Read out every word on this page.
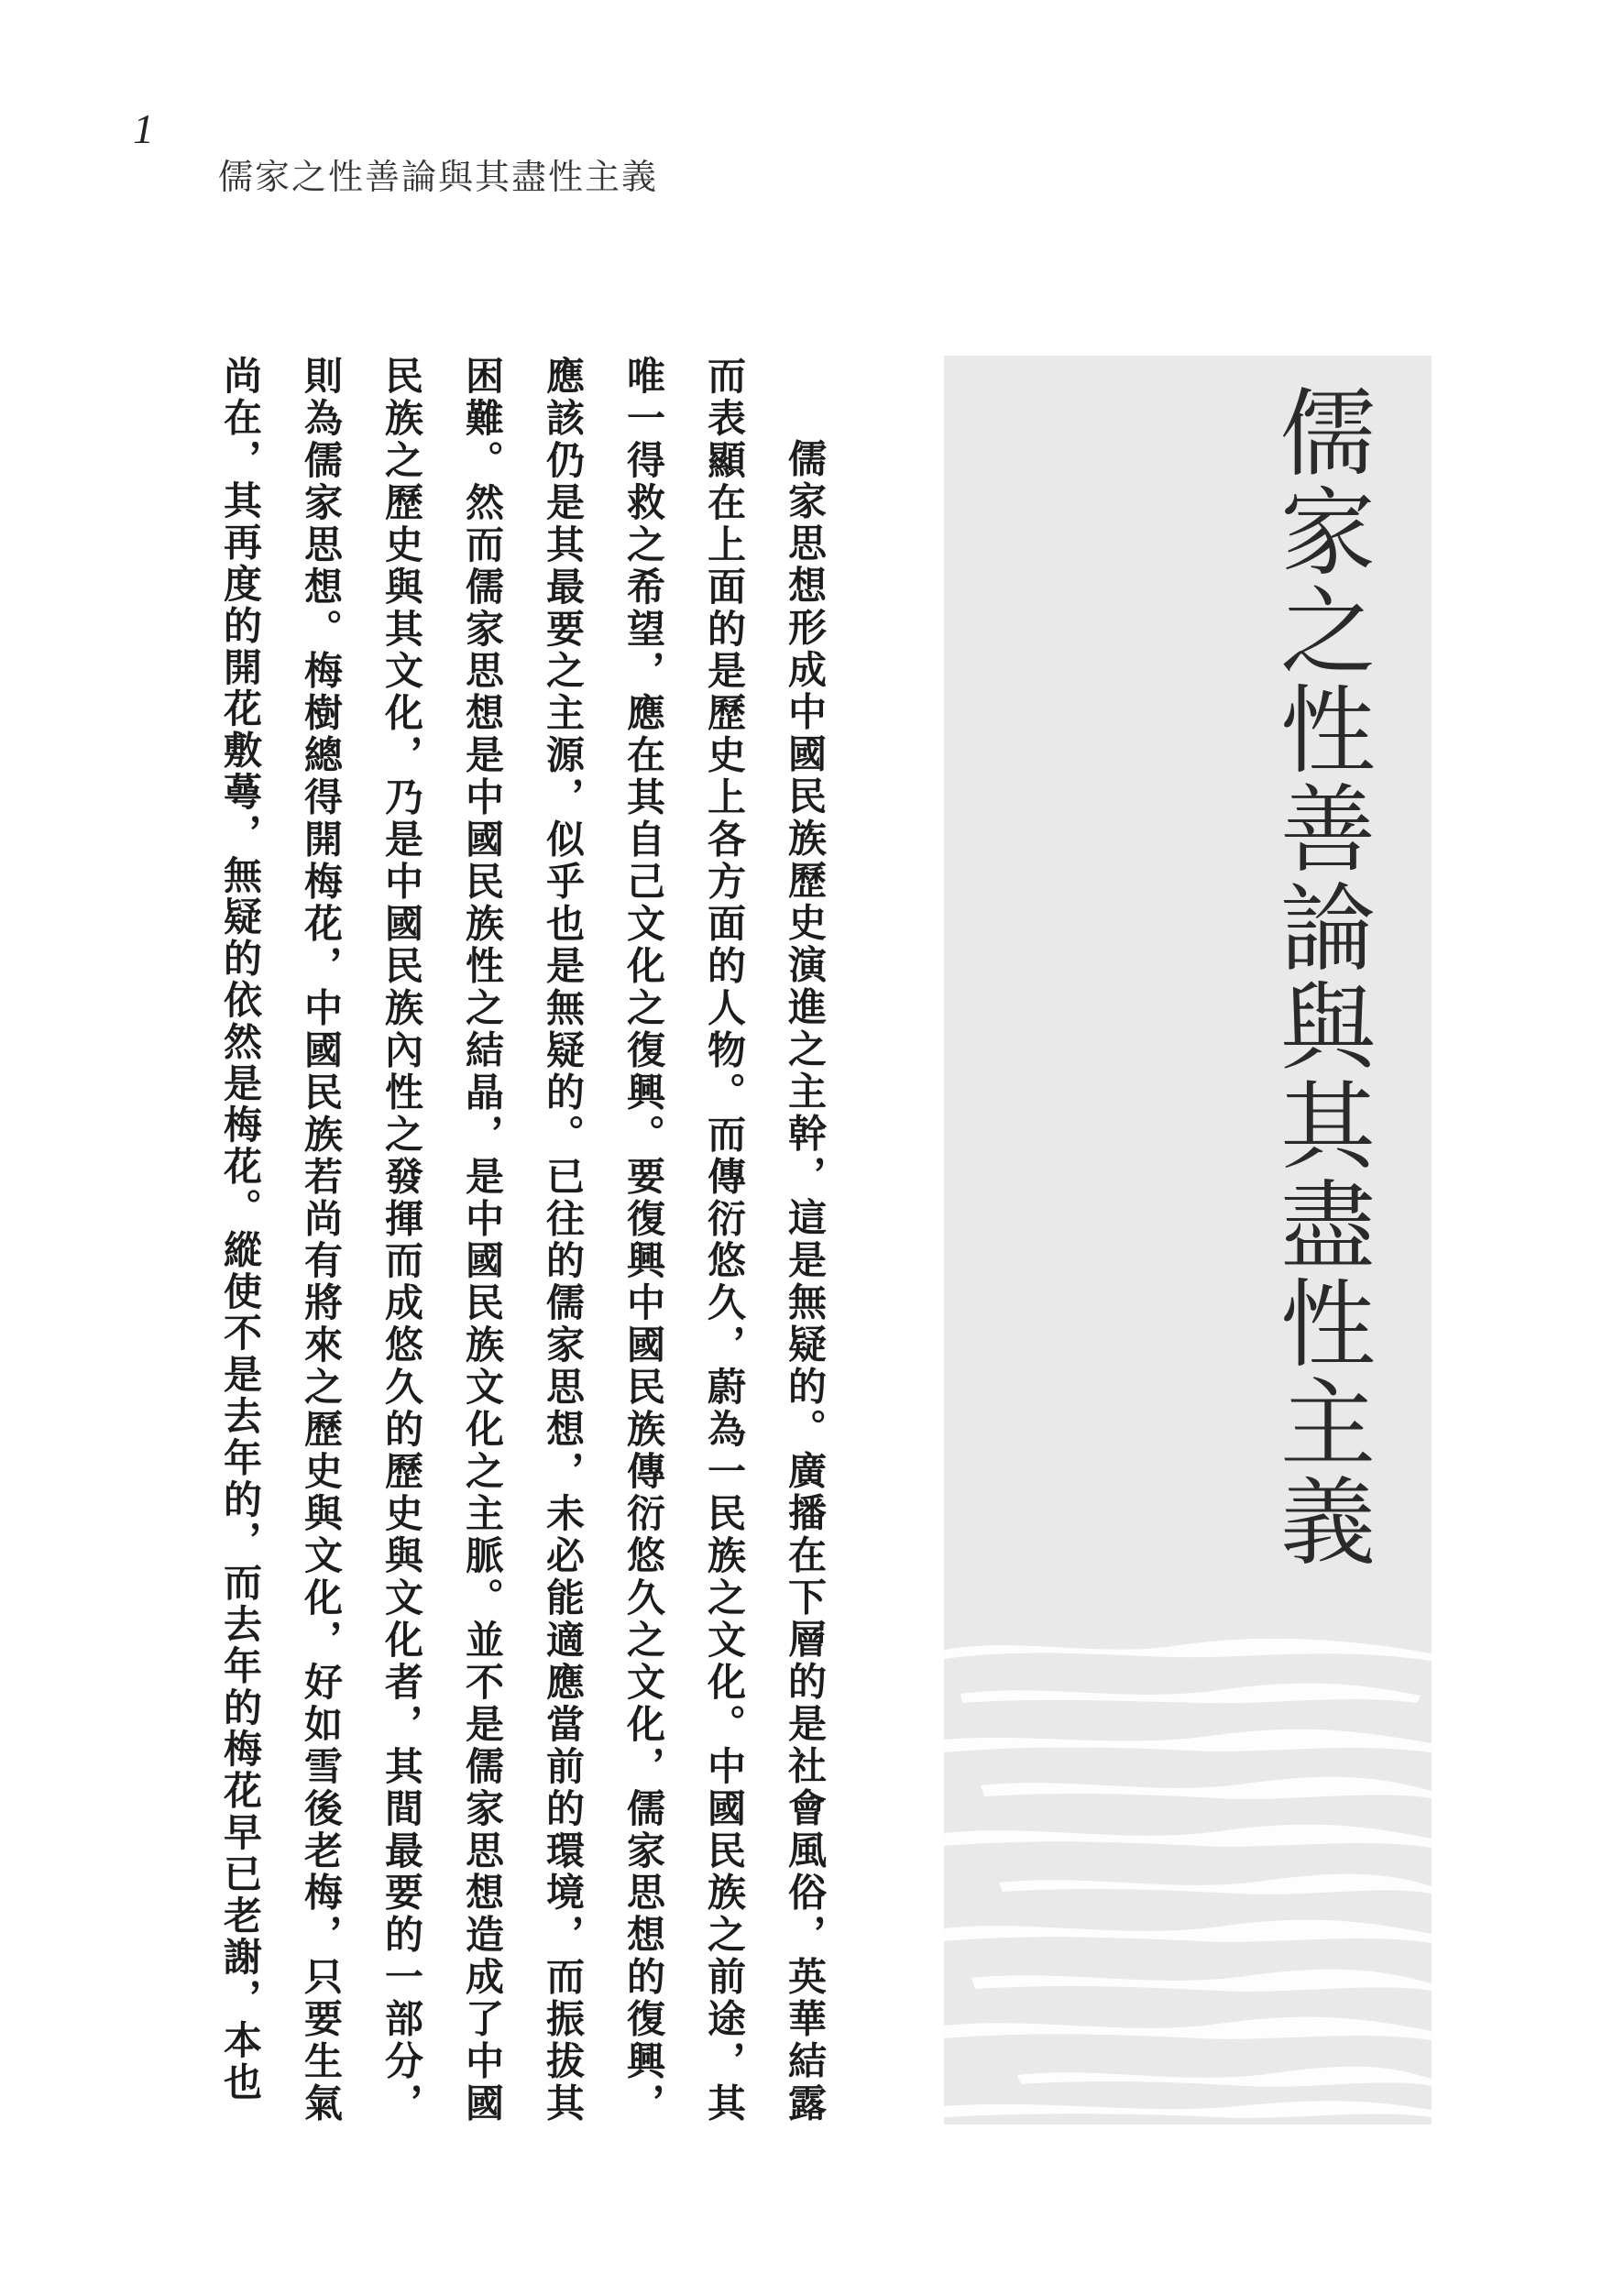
1
儒家之性善論與其盡性主義
儒家之性善論與其盡性主義

儒家思想形成中國民族歷史演進之主幹，這是無疑的。廣播在下層的是社會風俗，英華結露而表顯在上面的是歷史上各方面的人物。而傳衍悠久，蔚為一民族之文化。中國民族之前途，其唯一得救之希望，應在其自己文化之復興。要復興中國民族傳衍悠久之文化，儒家思想的復興，應該仍是其最要之主源，似乎也是無疑的。已往的儒家思想，未必能適應當前的環境，而振拔其困難。然而儒家思想是中國民族性之結晶，是中國民族文化之主脈。並不是儒家思想造成了中國民族之歷史與其文化，乃是中國民族內性之發揮而成悠久的歷史與文化者，其間最要的一部分，則為儒家思想。梅樹總得開梅花，中國民族若尚有將來之歷史與文化，好如雪後老梅，只要生氣尚在，其再度的開花敷蕚，無疑的依然是梅花。縱使不是去年的，而去年的梅花早已老謝，本也
